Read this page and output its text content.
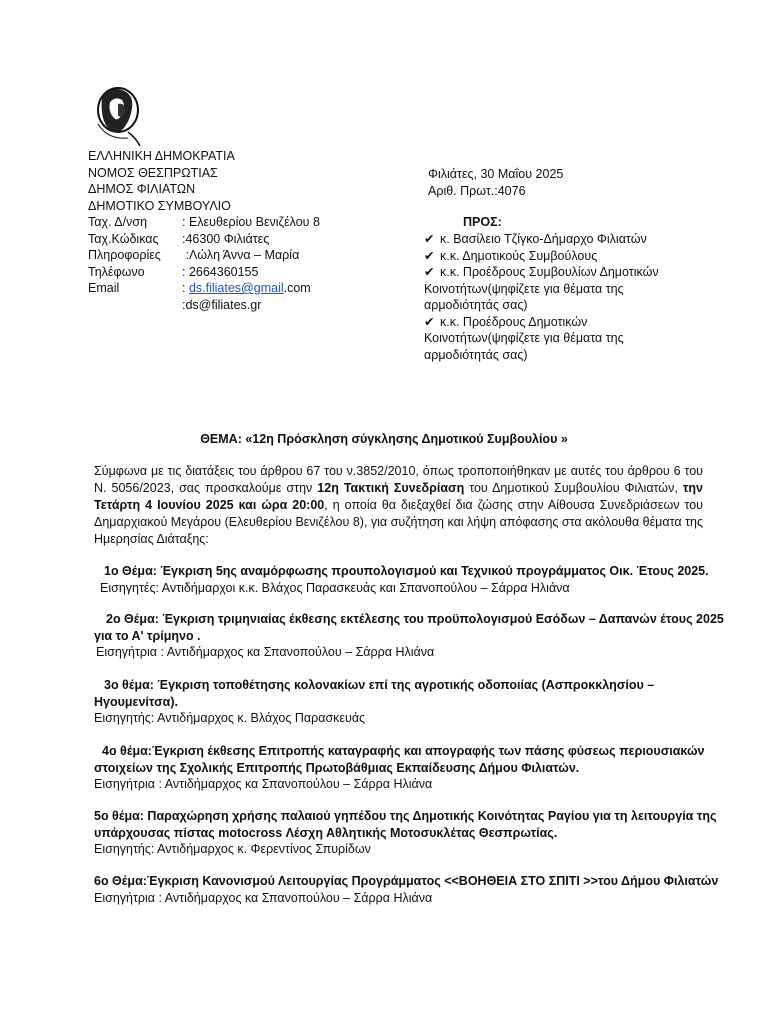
ΕΛΛΗΝΙΚΗ ΔΗΜΟΚΡΑΤΙΑ
ΝΟΜΟΣ ΘΕΣΠΡΩΤΙΑΣ
ΔΗΜΟΣ ΦΙΛΙΑΤΩΝ
ΔΗΜΟΤΙΚΟ ΣΥΜΒΟΥΛΙΟ
Ταχ. Δ/νση	: Ελευθερίου Βενιζέλου 8
Ταχ.Κώδικας :46300 Φιλιάτες
Πληροφορίες :Λώλη Άννα – Μαρία
Τηλέφωνο	: 2664360155
Email	: ds.filiates@gmail.com
:ds@filiates.gr
Φιλιάτες, 30 Μαΐου 2025
Αριθ. Πρωτ.:4076
ΠΡΟΣ:
✔ κ. Βασίλειο Τζίγκο-Δήμαρχο Φιλιατών
✔ κ.κ. Δημοτικούς Συμβούλους
✔ κ.κ. Προέδρους Συμβουλίων Δημοτικών
Κοινοτήτων(ψηφίζετε για θέματα της αρμοδιότητάς σας)
✔ κ.κ. Προέδρους Δημοτικών
Κοινοτήτων(ψηφίζετε για θέματα της αρμοδιότητάς σας)
ΘΕΜΑ: «12η Πρόσκληση σύγκλησης Δημοτικού Συμβουλίου »
Σύμφωνα με τις διατάξεις του άρθρου 67 του ν.3852/2010, όπως τροποποιήθηκαν με αυτές του άρθρου 6 του Ν. 5056/2023, σας προσκαλούμε στην 12η Τακτική Συνεδρίαση του Δημοτικού Συμβουλίου Φιλιατών, την Τετάρτη 4 Ιουνίου 2025 και ώρα 20:00, η οποία θα διεξαχθεί δια ζώσης στην Αίθουσα Συνεδριάσεων του Δημαρχιακού Μεγάρου (Ελευθερίου Βενιζέλου 8), για συζήτηση και λήψη απόφασης στα ακόλουθα θέματα της Ημερησίας Διάταξης:
1ο Θέμα: Έγκριση 5ης αναμόρφωσης προυπολογισμού και Τεχνικού προγράμματος Οικ. Έτους 2025.
Εισηγητές: Αντιδήμαρχοι κ.κ. Βλάχος Παρασκευάς και Σπανοπούλου – Σάρρα Ηλιάνα
2ο Θέμα: Έγκριση τριμηνιαίας έκθεσης εκτέλεσης του προϋπολογισμού Εσόδων – Δαπανών έτους 2025 για το Α' τρίμηνο .
Εισηγήτρια : Αντιδήμαρχος κα Σπανοπούλου – Σάρρα Ηλιάνα
3ο θέμα: Έγκριση τοποθέτησης κολονακίων επί της αγροτικής οδοποιίας (Ασπροκκλησίου – Ηγουμενίτσα).
Εισηγητής: Αντιδήμαρχος κ. Βλάχος Παρασκευάς
4ο θέμα:Έγκριση έκθεσης Επιτροπής καταγραφής και απογραφής των πάσης φύσεως περιουσιακών στοιχείων της Σχολικής Επιτροπής Πρωτοβάθμιας Εκπαίδευσης Δήμου Φιλιατών.
Εισηγήτρια : Αντιδήμαρχος κα Σπανοπούλου – Σάρρα Ηλιάνα
5ο θέμα: Παραχώρηση χρήσης παλαιού γηπέδου της Δημοτικής Κοινότητας Ραγίου για τη λειτουργία της υπάρχουσας πίστας motocross Λέσχη Αθλητικής Μοτοσυκλέτας Θεσπρωτίας.
Εισηγητής: Αντιδήμαρχος κ. Φερεντίνος Σπυρίδων
6ο Θέμα:Έγκριση Κανονισμού Λειτουργίας Προγράμματος <<ΒΟΗΘΕΙΑ ΣΤΟ ΣΠΙΤΙ >>του Δήμου Φιλιατών
Εισηγήτρια : Αντιδήμαρχος κα Σπανοπούλου – Σάρρα Ηλιάνα
